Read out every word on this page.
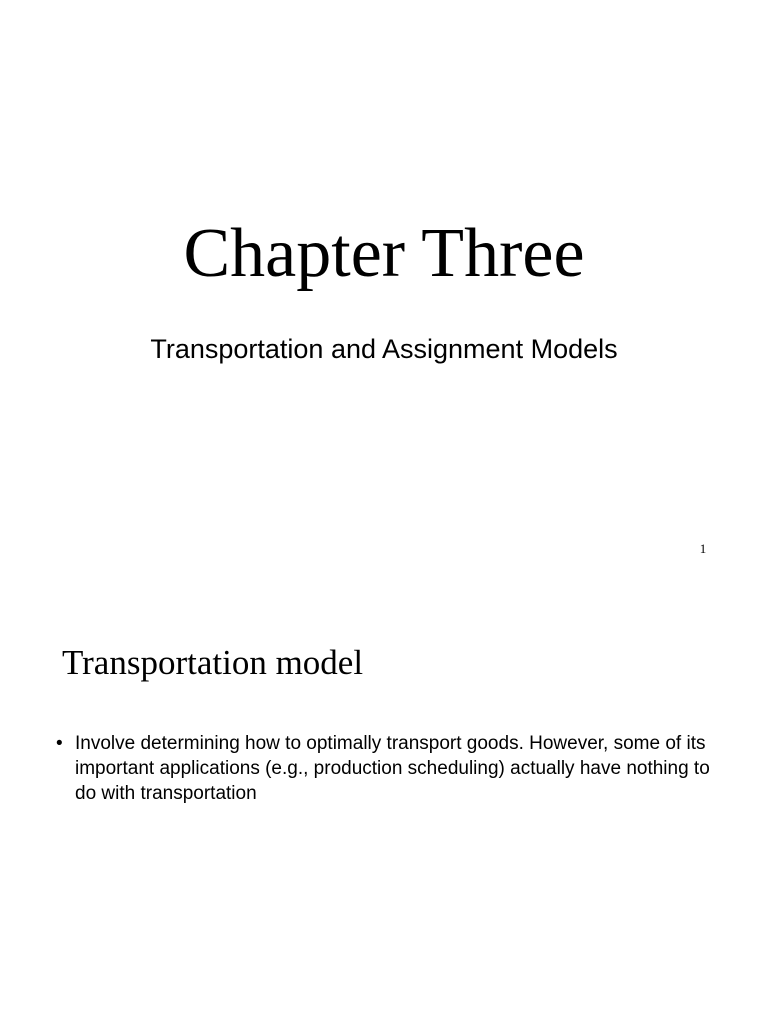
Chapter Three

Transportation and Assignment Models

1
Transportation model
• Involve determining how to optimally transport goods. However, some of its important applications (e.g., production scheduling) actually have nothing to do with transportation
